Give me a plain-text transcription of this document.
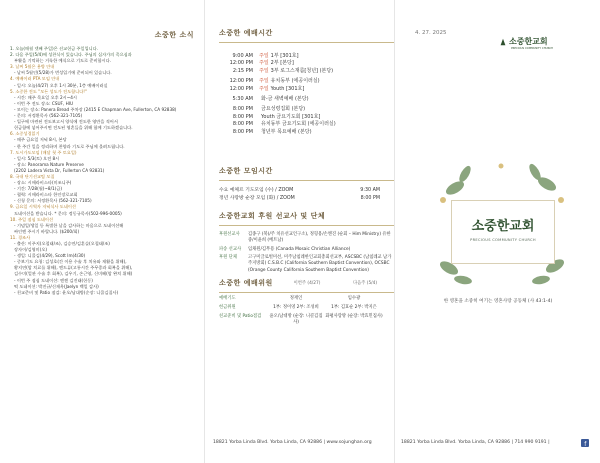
소중한 소식
1. 오늘(매월 넷째 주일)은 선교헌금 주일입니다.
2. 다음 주일(5/4)에 성찬식이 있습니다. 주님의 십자가의 죽으심과
부활을 기억하는 거룩한 예식으로 기도로 준비합시다.
3. 날씨 5월은 용방 안내
- 날씨 5월인(5/28)가 번성입기에 준비되어 있습니다.
4. 예배이러 PTA 모임 안내
- 일시: 오늘(4/27) 오후 1시 30분, 1층 예배이러실
5. 소중한 전도 "모든 성도가 전도합니다!"
- 시간: 매주 목요일 오후 2시~4시
- 이번 주 전도 장소: CSUF, HIU
- 모이는 장소: Panera Bread 주차장 (2415 E Chapman Ave, Fullerton, CA 92838)
- 문의: 서정환목사 (562-321-7105)
- 입구에 마련된 전도보고서 양식에 전도한 영만을 적어서
헌금함에 넣어주시면 전도된 영혼들을 위해 함께 기도하겠습니다.
6. 소중성경읽기
- 매주 금요일 저녁 8시, 본당
- 한 주간 일을 정리하며 찬양과 기도로 주님께 올려드립니다.
7. 도시가도모임 (매달 첫 주 토요일)
- 일시: 5/3(토) 오전 8시
- 장소: Panorama Nature Preserve
(2202 Ladera Vista Dr, Fullerton CA 92831)
8. 국내 단기선교팀 모집
- 장소: 시애라비스타(미조니주)
- 기간: 7/28(월)~8/1(금)
- 협력: 시애라비스타 한인장로교회
- 신청 문의: 서정환목사 (562-321-7105)
9. 금요일 시역자 저녁식사 도네이션
도네이션을 받습니다. * 문의: 정동규목사(502-996-0005)
10. 주일 점심 도네이션
- 기념일/생일 등 특별한 날을 감사하는 마음으로 도네이션해
싸인엔 주시기 바랍니다. ($200/회)
11. 경조사
- 출산: 이주지(오철태/조), 김승연/김훈슬(오철태/조)
장자이/김영미(오)
- 생일: 니콜김(4/29), Scott lm(4/30)
- 중보기도 요청: 김성호(간 이용 수술 후 치유와 재활을 위해),
황지연(암 치료를 위해), 엔드류(고통시간 주무종과 회복을 위해),
김수미(얼관 수술 후 회복), 김우기, 손근영, 신미혜(암 완치 위해)
- 이번 주 점심 도네이션: 엔젠 김진태(헌동)
떡 도네이션: 박진규/신재옥(Jaelyn 백일 감사)
- 친교준비 및 Patio 점검: 윤오/남대방(순장: 니콜김집사)
소중한 예배시간
9:00 AM 주일 1부 [301호]
12:00 PM 주일 2부 [본당]
2:15 PM 주일 3부 로그스재름[청년] (본당)
12:00 PM 주일 유치동부 (에공이러실)
12:00 PM 주일 Youth [301호]
5:30 AM 화-금 새벽예배 (본당)
8:00 PM 금요성령집회 (본당)
8:00 PM Youth 금요기도회 [301호]
8:00 PM 유치동부 금요기도회 (에공이러실)
8:00 PM 청년부 목요예배 (본당)
소중한 모임시간
수요 예체르 기도모임 (수) / ZOOM	9:30 AM
정년 사랑방 순장 모임 (화) / ZOOM	8:00 PM
소중한교회 후원 선교사 및 단체
후원선교사	김종구 (북)/주 치유선교언구소), 정형용/손옌진 (순회 – Him Ministry) 유한중/이윤희 (베트남)
파송 선교사	임채원/김무용 (Canada Mosaic Christian Alliance)
후원 단체	고구미글로벌미션, 미주남침례한인교회총회선교부, ASCSBC (남침례교 남가주지방회) C.S.B.C (California Southern Baptist Convention), OCSBC (Orange County California Southern Baptist Convention)
소중한 예배위원	이번주 (4/27)	다음주 (5/4)
예배기도	정재인	임수광
헌금위원	1부: 정이영 2부: 조성희	1부: 김효순 2부: 박지은
친교준비 및 Patio점검	윤오/남대방 (순장: 니콜김집사)
화평사랑방 (순장: 박효민집사)
18821 Yorba Linda Blvd. Yorba Linda, CA 92886 | www.sojunghan.org
4. 27. 2025
소중한교회
PRECIOUS COMMUNITY CHURCH
소중한교회
PRECIOUS COMMUNITY CHURCH
한 영혼을 소중히 여기는 영혼사랑 공동체 (사 43:1-4)
18821 Yorba Linda Blvd. Yorba Linda, CA 92886 | 714 990 9191 |	f
